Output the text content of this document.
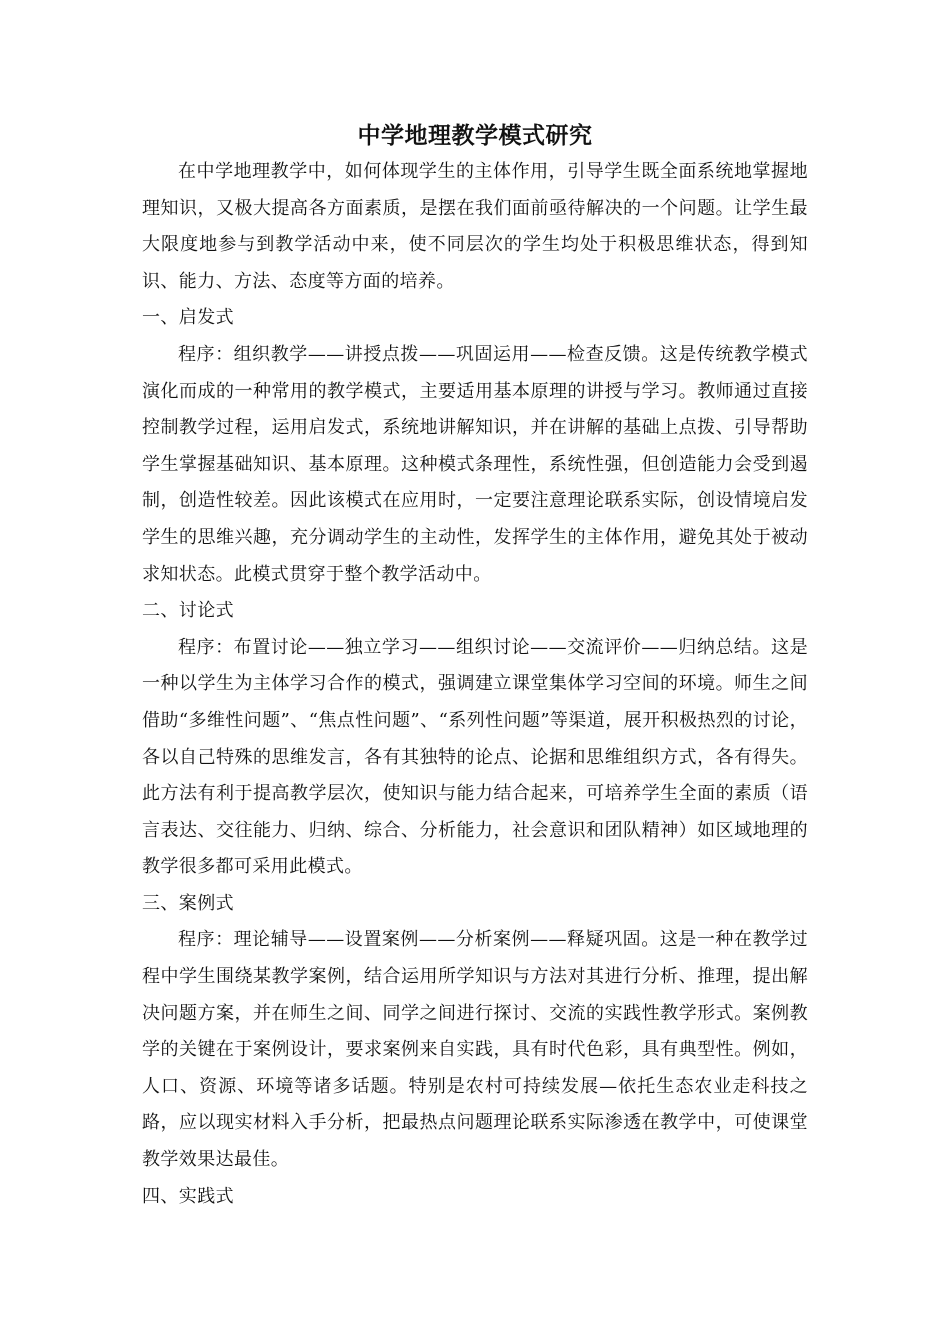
中学地理教学模式研究

在中学地理教学中，如何体现学生的主体作用，引导学生既全面系统地掌握地理知识，又极大提高各方面素质，是摆在我们面前亟待解决的一个问题。让学生最大限度地参与到教学活动中来，使不同层次的学生均处于积极思维状态，得到知识、能力、方法、态度等方面的培养。

一、启发式

程序：组织教学——讲授点拨——巩固运用——检查反馈。这是传统教学模式演化而成的一种常用的教学模式，主要适用基本原理的讲授与学习。教师通过直接控制教学过程，运用启发式，系统地讲解知识，并在讲解的基础上点拨、引导帮助学生掌握基础知识、基本原理。这种模式条理性，系统性强，但创造能力会受到遏制，创造性较差。因此该模式在应用时，一定要注意理论联系实际，创设情境启发学生的思维兴趣，充分调动学生的主动性，发挥学生的主体作用，避免其处于被动求知状态。此模式贯穿于整个教学活动中。

二、讨论式

程序：布置讨论——独立学习——组织讨论——交流评价——归纳总结。这是一种以学生为主体学习合作的模式，强调建立课堂集体学习空间的环境。师生之间借助“多维性问题”、“焦点性问题”、“系列性问题”等渠道，展开积极热烈的讨论，各以自己特殊的思维发言，各有其独特的论点、论据和思维组织方式，各有得失。此方法有利于提高教学层次，使知识与能力结合起来，可培养学生全面的素质（语言表达、交往能力、归纳、综合、分析能力，社会意识和团队精神）如区域地理的教学很多都可采用此模式。

三、案例式

程序：理论辅导——设置案例——分析案例——释疑巩固。这是一种在教学过程中学生围绕某教学案例，结合运用所学知识与方法对其进行分析、推理，提出解决问题方案，并在师生之间、同学之间进行探讨、交流的实践性教学形式。案例教学的关键在于案例设计，要求案例来自实践，具有时代色彩，具有典型性。例如，人口、资源、环境等诸多话题。特别是农村可持续发展—依托生态农业走科技之路，应以现实材料入手分析，把最热点问题理论联系实际渗透在教学中，可使课堂教学效果达最佳。

四、实践式
